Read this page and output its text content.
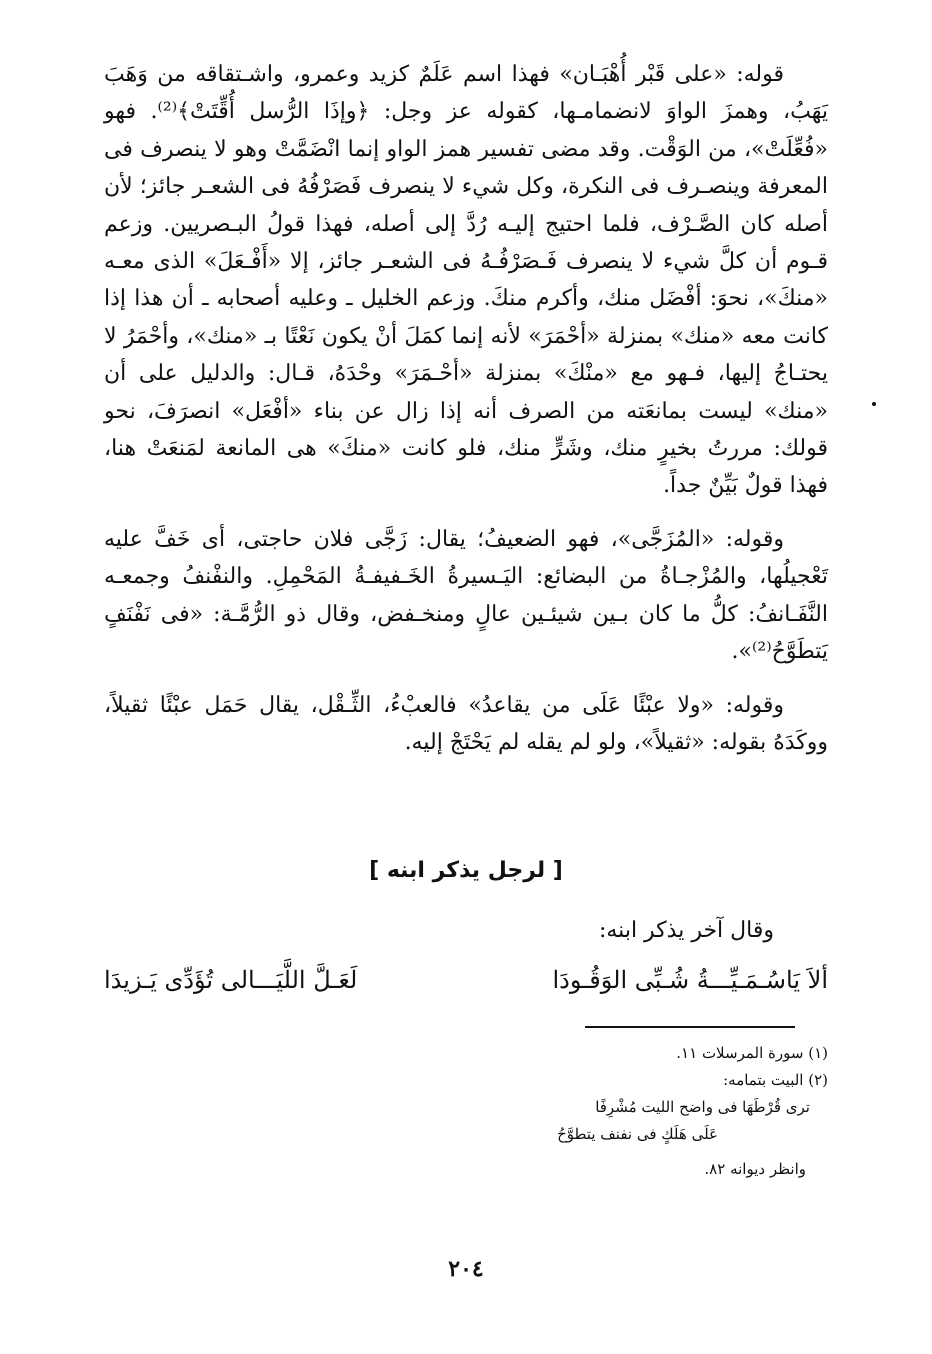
قوله: «على قَبْر أُهْبَـان» فهذا اسم عَلَمٌ كزيد وعمرو، واشـتقاقه من وَهَبَ يَهَبُ، وهمزَ الواوَ لانضمامـها، كقوله عز وجل: ﴿وإذَا الرُّسل أُقِّتَتْ﴾⁽²⁾. فهو «فُعِّلَتْ»، من الوَقْت. وقد مضى تفسير همز الواو إنما انْضَمَّتْ وهو لا ينصرف فى المعرفة وينصـرف فى النكرة، وكل شيء لا ينصرف فَصَرْفُهُ فى الشعـر جائز؛ لأن أصله كان الصَّـرْف، فلما احتيج إليـه رُدَّ إلى أصله، فهذا قولُ البـصريين. وزعم قـوم أن كلَّ شيء لا ينصرف فَـصَرْفُـهُ فى الشعـر جائز، إلا «أَفْـعَلَ» الذى معـه «منكَ»، نحوَ: أفْضَل منك، وأكرم منكَ. وزعم الخليل ـ وعليه أصحابه ـ أن هذا إذا كانت معه «منك» بمنزلة «أحْمَرَ» لأنه إنما كمَلَ أنْ يكون نَعْتًا بـ «منك»، وأحْمَرُ لا يحتـاجُ إليها، فـهو مع «منْكَ» بمنزلة «أحْـمَرَ» وحْدَهُ، قـال: والدليل على أن «منك» ليست بمانعَته من الصرف أنه إذا زال عن بناء «أفْعَل» انصرَفَ، نحو قولك: مررتُ بخيرٍ منك، وشَرٍّ منك، فلو كانت «منكَ» هى المانعة لمَنعَتْ هنا، فهذا قولٌ بَيِّنٌ جداً.

وقوله: «المُزَجَّى»، فهو الضعيفُ؛ يقال: زَجَّى فلان حاجتى، أى خَفَّ عليه تَعْجيلُها، والمُزْجـاةُ من البضائع: اليَـسيرةُ الخَـفيفـةُ المَحْمِلِ. والنفْنفُ وجمعـه النَّفَـانفُ: كلُّ ما كان بـين شيئـين عالٍ ومنخـفض، وقال ذو الرُّمَّـة: «فى نَفْنَفٍ يَتطَوَّحُ⁽²⁾».

وقوله: «ولا عبْئًا عَلَى من يقاعدُ» فالعبْءُ، الثِّـقْل، يقال حَمَل عبْئًا ثقيلاً، ووكَدَهُ بقوله: «ثقيلاً»، ولو لم يقله لم يَحْتَجْ إليه.

[ لرجل يذكر ابنه ]
وقال آخر يذكر ابنه:
ألاَ يَاسُـمَـيِّـــةُ شُـبِّى الوَقُـودَا
لَعَـلَّ اللَّيَـــالى تُؤَدِّى يَـزيدَا

(١) سورة المرسلات ١١.

(٢) البيت بتمامه:

ترى قُرْطَهَا فى واضح الليت مُشْرِفًا

عَلَى هَلَكٍ فى نفنف يتطوَّحُ

وانظر ديوانه ٨٢.

٢٠٤
